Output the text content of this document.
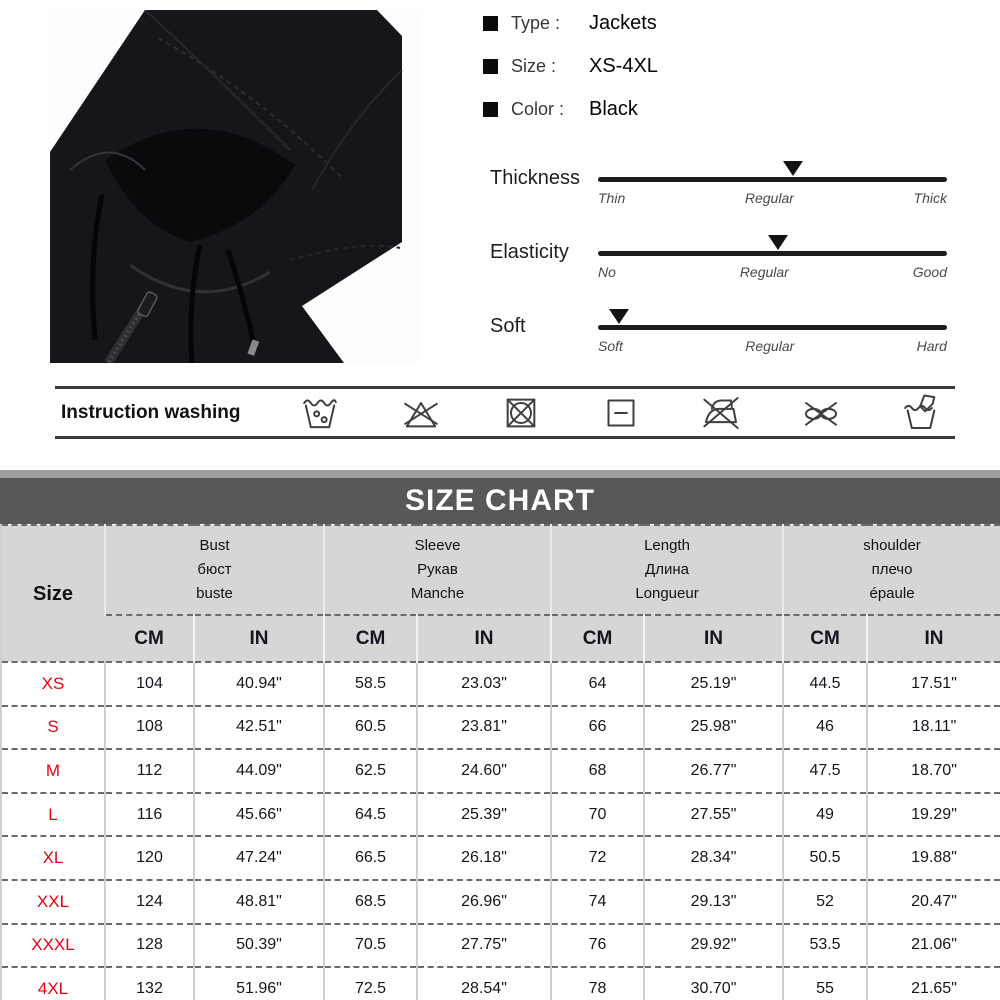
Type :	Jackets
Size :	XS-4XL
Color :	Black
Thickness
Thin	Regular	Thick
Elasticity
No	Regular	Good
Soft
Soft	Regular	Hard
Instruction washing
SIZE CHART
Size	
Bust
бюст
buste

Sleeve
Рукав
Manche

Length
Длина
Longueur

shoulder
плечо
épaule

	CM	IN	CM	IN	CM	IN	CM	IN
XS	104	40.94"	58.5	23.03"	64	25.19"	44.5	17.51"
S	108	42.51"	60.5	23.81"	66	25.98"	46	18.11"
M	112	44.09"	62.5	24.60"	68	26.77"	47.5	18.70"
L	116	45.66"	64.5	25.39"	70	27.55"	49	19.29"
XL	120	47.24"	66.5	26.18"	72	28.34"	50.5	19.88"
XXL	124	48.81"	68.5	26.96"	74	29.13"	52	20.47"
XXXL	128	50.39"	70.5	27.75"	76	29.92"	53.5	21.06"
4XL	132	51.96"	72.5	28.54"	78	30.70"	55	21.65"
